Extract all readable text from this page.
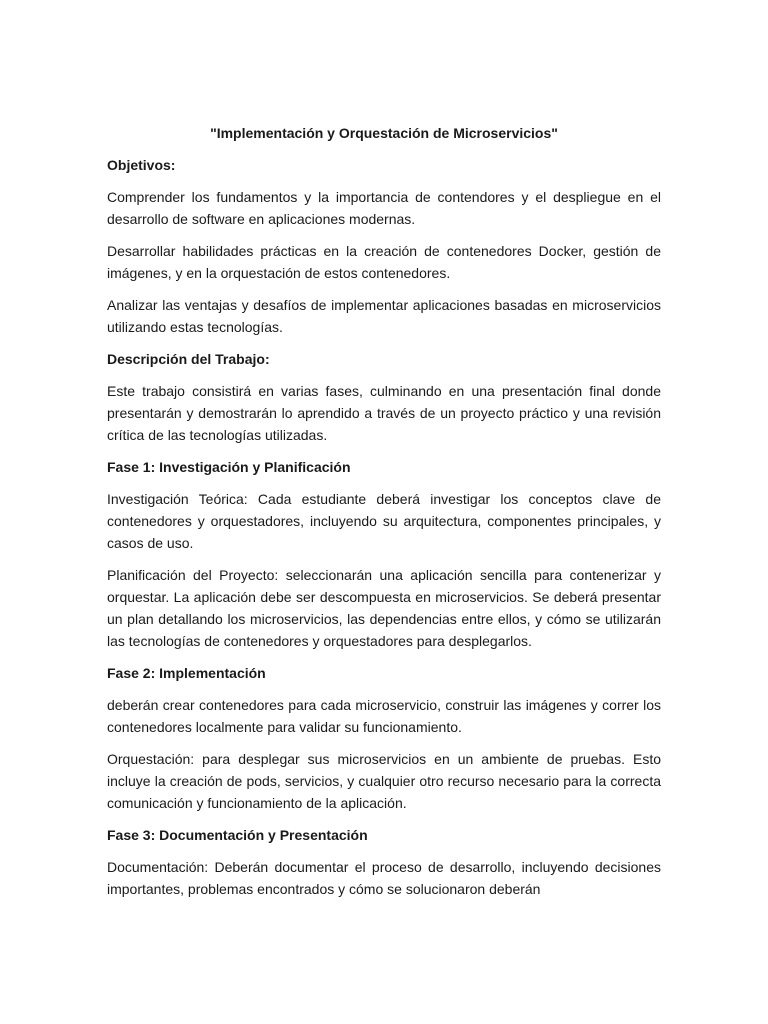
"Implementación y Orquestación de Microservicios"
Objetivos:
Comprender los fundamentos y la importancia de contendores y el despliegue en el desarrollo de software en aplicaciones modernas.
Desarrollar habilidades prácticas en la creación de contenedores Docker, gestión de imágenes, y en la orquestación de estos contenedores.
Analizar las ventajas y desafíos de implementar aplicaciones basadas en microservicios utilizando estas tecnologías.
Descripción del Trabajo:
Este trabajo consistirá en varias fases, culminando en una presentación final donde presentarán y demostrarán lo aprendido a través de un proyecto práctico y una revisión crítica de las tecnologías utilizadas.
Fase 1: Investigación y Planificación
Investigación Teórica: Cada estudiante deberá investigar los conceptos clave de contenedores y orquestadores, incluyendo su arquitectura, componentes principales, y casos de uso.
Planificación del Proyecto: seleccionarán una aplicación sencilla para contenerizar y orquestar. La aplicación debe ser descompuesta en microservicios. Se deberá presentar un plan detallando los microservicios, las dependencias entre ellos, y cómo se utilizarán las tecnologías de contenedores y orquestadores para desplegarlos.
Fase 2: Implementación
deberán crear contenedores para cada microservicio, construir las imágenes y correr los contenedores localmente para validar su funcionamiento.
Orquestación: para desplegar sus microservicios en un ambiente de pruebas. Esto incluye la creación de pods, servicios, y cualquier otro recurso necesario para la correcta comunicación y funcionamiento de la aplicación.
Fase 3: Documentación y Presentación
Documentación: Deberán documentar el proceso de desarrollo, incluyendo decisiones importantes, problemas encontrados y cómo se solucionaron deberán
